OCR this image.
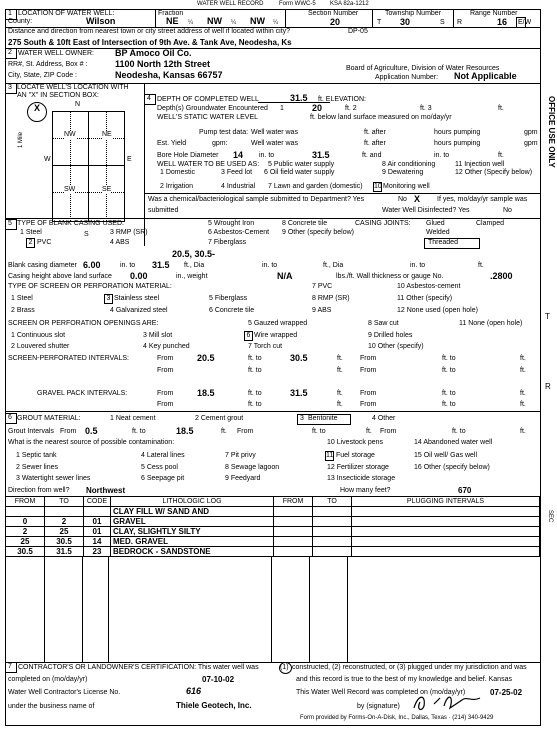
WATER WELL RECORD	Form WWC-5 KSA 82a-1212
1 LOCATION OF WATER WELL:
County:	Wilson
Fraction
NE ¼ NW ¼ NW ¼
Section Number
20
Township Number
T 30	S
Range Number
R	16 E/W
Distance and direction from nearest town or city street address of well if located within city?	DP-05
275 South & 10ft East of Intersection of 9th Ave. & Tank Ave, Neodesha, Ks
2 WATER WELL OWNER: BP Amoco Oil Co.
RR#, St. Address, Box # :	1100 North 12th Street
City, State, ZIP Code :	Neodesha, Kansas 66757
Board of Agriculture, Division of Water Resources
Application Number: Not Applicable
3 LOCATE WELL'S LOCATION WITH
AN "X" IN SECTION BOX:
N
X
W	E
S
1 Mile	NW	NE
SW	SE
4 DEPTH OF COMPLETED WELL	31.5 ft. ELEVATION:
Depth(s) Groundwater Encountered 1	20	ft. 2	ft. 3	ft.
WELL'S STATIC WATER LEVEL	ft. below land surface measured on mo/day/yr
Pump test data: Well water was	ft. after	hours pumping	gpm
Est. Yield	gpm:	Well water was	ft. after	hours pumping	gpm
Bore Hole Diameter 14 in. to	31.5	ft. and	in. to	ft.
WELL WATER TO BE USED AS: 5 Public water supply	8 Air conditioning	11 Injection well
1 Domestic	3 Feed lot 6 Oil field water supply	9 Dewatering	12 Other (Specify below)
2 Irrigation	4 Industrial 7 Lawn and garden (domestic) 10 Monitoring well
Was a chemical/bacteriological sample submitted to Department? Yes	No X If yes, mo/day/yr sample was
submitted	Water Well Disinfected? Yes	No
5 TYPE OF BLANK CASING USED:	5 Wrought Iron	8 Concrete tile	CASING JOINTS: Glued	Clamped
1 Steel	3 RMP (SR)	6 Asbestos-Cement 9 Other (specify below)	Welded
2 PVC	4 ABS	7 Fiberglass	Threaded
20.5, 30.5-
Blank casing diameter 6.00	in. to 31.5 ft., Dia	in. to	ft., Dia	in. to	ft.
Casing height above land surface 0.00	in., weight	N/A	lbs./ft. Wall thickness or gauge No.	.2800
TYPE OF SCREEN OR PERFORATION MATERIAL:	7 PVC	10 Asbestos-cement
1 Steel	3 Stainless steel	5 Fiberglass	8 RMP (SR)	11 Other (specify)
2 Brass	4 Galvanized steel	6 Concrete tile	9 ABS	12 None used (open hole)
SCREEN OR PERFORATION OPENINGS ARE:	5 Gauzed wrapped	8 Saw cut	11 None (open hole)
1 Continuous slot	3 Mill slot	6 Wire wrapped	9 Drilled holes
2 Louvered shutter	4 Key punched	7 Torch cut	10 Other (specify)
SCREEN-PERFORATED INTERVALS:	From	20.5	ft. to	30.5	ft. From	ft. to	ft.
From	ft. to	ft. From	ft. to	ft.
GRAVEL PACK INTERVALS:	From	18.5	ft. to	31.5	ft. From	ft. to	ft.
From	ft. to	ft. From	ft. to	ft.
6 GROUT MATERIAL:	1 Neat cement	2 Cement grout	3 Bentonite	4 Other
Grout Intervals From 0.5	ft. to	18.5	ft. From	ft. to	ft. From	ft. to	ft.
What is the nearest source of possible contamination:	10 Livestock pens	14 Abandoned water well
1 Septic tank	4 Lateral lines	7 Pit privy	11 Fuel storage	15 Oil well/ Gas well
2 Sewer lines	5 Cess pool	8 Sewage lagoon	12 Fertilizer storage	16 Other (specify below)
3 Watertight sewer lines	6 Seepage pit	9 Feedyard	13 Insecticide storage
Direction from well? Northwest	How many feet?	670
FROM	TO	CODE	LITHOLOGIC LOG	FROM	TO	PLUGGING INTERVALS
			CLAY FILL W/ SAND AND			
0	2	01	GRAVEL			
2	25	01	CLAY, SLIGHTLY SILTY			
25	30.5	14	MED. GRAVEL			
30.5	31.5	23	BEDROCK - SANDSTONE			
7 CONTRACTOR'S OR LANDOWNER'S CERTIFICATION: This water well was	(1) constructed, (2) reconstructed, or (3) plugged under my jurisdiction and was
completed on (mo/day/yr)	07-10-02	and this record is true to the best of my knowledge and belief. Kansas
Water Well Contractor's License No.	616	This Water Well Record was completed on (mo/day/yr)	07-25-02
under the business name of	Thiele Geotech, Inc.	by (signature)
Form provided by Forms-On-A-Disk, Inc., Dallas, Texas · (214) 340-9429
OFFICE USE ONLY
T
R
SEC
